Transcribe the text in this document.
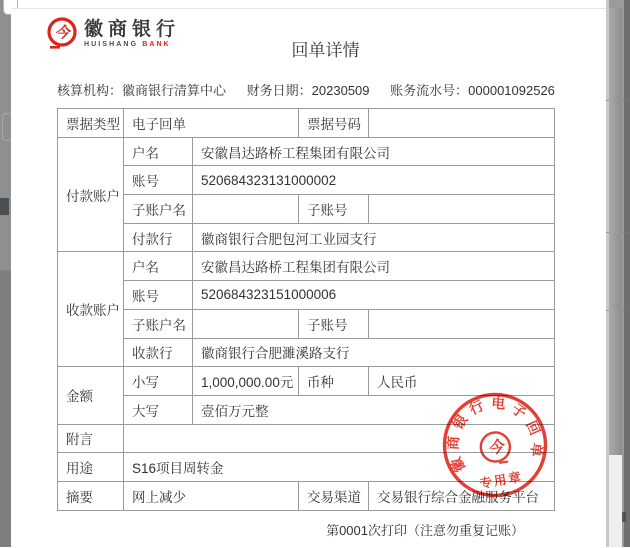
今 徽商银行
HUISHANG BANK	回单详情
核算机构：徽商银行清算中心 财务日期：20230509 账务流水号：000001092526
票据类型	电子回单		票据号码	
付款账户	户名	安徽昌达路桥工程集团有限公司		
	账号	520684323131000002		
	子账户名		子账号	
	付款行	徽商银行合肥包河工业园支行		
收款账户	户名	安徽昌达路桥工程集团有限公司		
	账号	520684323151000006		
	子账户名		子账号	
	收款行	徽商银行合肥濉溪路支行		
金额	小写	1,000,000.00元	币种	人民币
	大写	壹佰万元整		
附言				
用途	S16项目周转金			
摘要	网上减少		交易渠道	交易银行综合金融服务平台
第0001次打印（注意勿重复记账）
徽商银行电子回单
今
专用章
